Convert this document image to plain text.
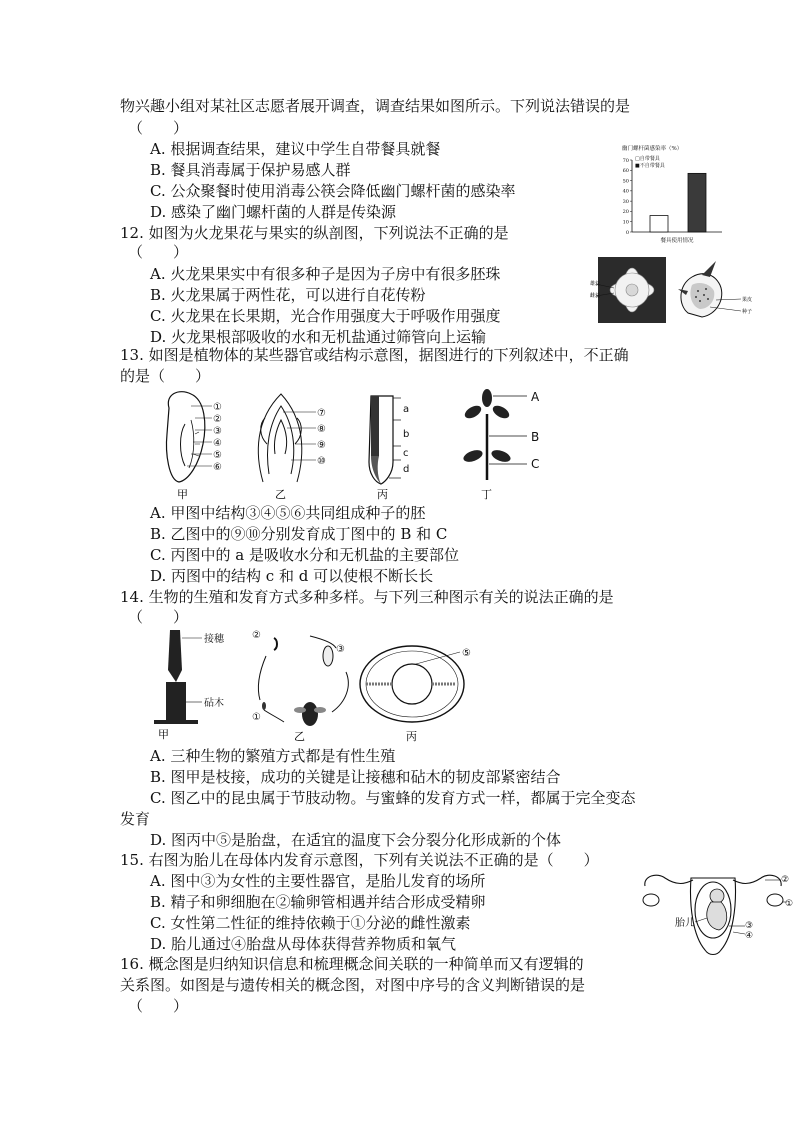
物兴趣小组对某社区志愿者展开调查，调查结果如图所示。下列说法错误的是
（　　）
A. 根据调查结果，建议中学生自带餐具就餐
B. 餐具消毒属于保护易感人群
C. 公众聚餐时使用消毒公筷会降低幽门螺杆菌的感染率
D. 感染了幽门螺杆菌的人群是传染源
幽门螺杆菌感染率（%）
0
10
20
30
40
50
60
70 □自带餐具
■不自带餐具
餐具使用情况
12. 如图为火龙果花与果实的纵剖图，下列说法不正确的是
（　　）
A. 火龙果果实中有很多种子是因为子房中有很多胚珠
B. 火龙果属于两性花，可以进行自花传粉
C. 火龙果在长果期，光合作用强度大于呼吸作用强度
D. 火龙果根部吸收的水和无机盐通过筛管向上运输
雄蕊
雌蕊
果皮
种子
13. 如图是植物体的某些器官或结构示意图，据图进行的下列叙述中，不正确
的是（　　）
①
②
③
④
⑤
⑥
甲
⑦
⑧
⑨
⑩
乙
a
b
c
d
丙
A
B
C
丁
A. 甲图中结构③④⑤⑥共同组成种子的胚
B. 乙图中的⑨⑩分别发育成丁图中的 B 和 C
C. 丙图中的 a 是吸收水分和无机盐的主要部位
D. 丙图中的结构 c 和 d 可以使根不断长长
14. 生物的生殖和发育方式多种多样。与下列三种图示有关的说法正确的是
（　　）
接穗
砧木
甲
①
②
③
乙
⑤
丙
A. 三种生物的繁殖方式都是有性生殖
B. 图甲是枝接，成功的关键是让接穗和砧木的韧皮部紧密结合
C. 图乙中的昆虫属于节肢动物。与蜜蜂的发育方式一样，都属于完全变态
发育
D. 图丙中⑤是胎盘，在适宜的温度下会分裂分化形成新的个体
15. 右图为胎儿在母体内发育示意图，下列有关说法不正确的是（　　）
A. 图中③为女性的主要性器官，是胎儿发育的场所
B. 精子和卵细胞在②输卵管相遇并结合形成受精卵
C. 女性第二性征的维持依赖于①分泌的雌性激素
D. 胎儿通过④胎盘从母体获得营养物质和氧气
胎儿
②
①
③
④
16. 概念图是归纳知识信息和梳理概念间关联的一种简单而又有逻辑的
关系图。如图是与遗传相关的概念图，对图中序号的含义判断错误的是
（　　）
